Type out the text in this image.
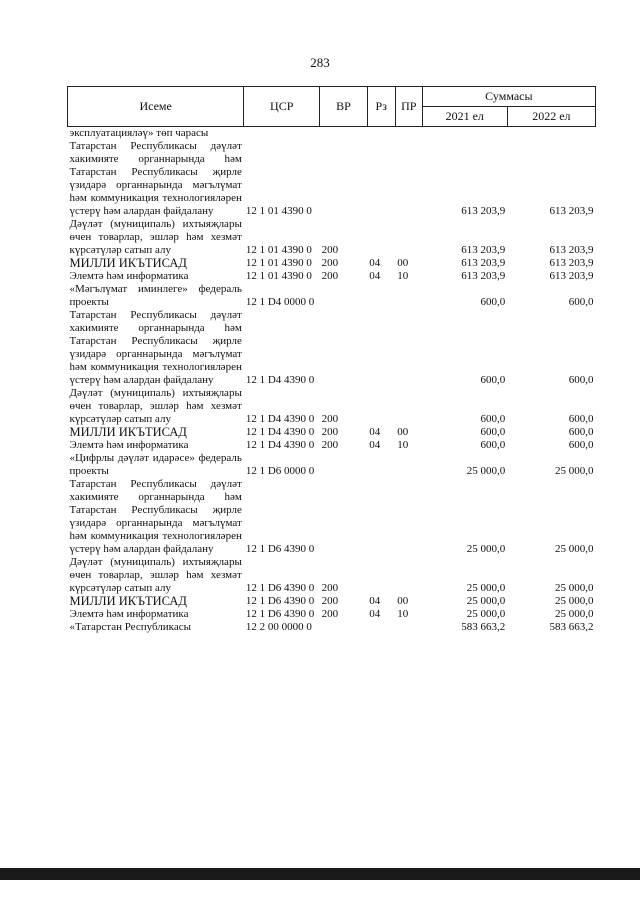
283
Исеме	ЦСР	ВР	Рз	ПР	Суммасы	
					2021 ел	2022 ел
эксплуатацияләү» төп чарасы						
Татарстан Республикасы дәүләт хакимияте органнарында һәм Татарстан Республикасы җирле үзидарә органнарында мәгълүмат һәм коммуникация технологияләрен үстерү һәм алардан файдалану	12 1 01 4390 0				613 203,9	613 203,9
Дәүләт (муниципаль) ихтыяҗлары өчен товарлар, эшләр һәм хезмәт күрсәтүләр сатып алу	12 1 01 4390 0	200			613 203,9	613 203,9
МИЛЛИ ИКЪТИСАД	12 1 01 4390 0	200	04	00	613 203,9	613 203,9
Элемтә һәм информатика	12 1 01 4390 0	200	04	10	613 203,9	613 203,9
«Мәгълүмат иминлеге» федераль проекты	12 1 D4 0000 0				600,0	600,0
Татарстан Республикасы дәүләт хакимияте органнарында һәм Татарстан Республикасы җирле үзидарә органнарында мәгълүмат һәм коммуникация технологияләрен үстерү һәм алардан файдалану	12 1 D4 4390 0				600,0	600,0
Дәүләт (муниципаль) ихтыяҗлары өчен товарлар, эшләр һәм хезмәт күрсәтүләр сатып алу	12 1 D4 4390 0	200			600,0	600,0
МИЛЛИ ИКЪТИСАД	12 1 D4 4390 0	200	04	00	600,0	600,0
Элемтә һәм информатика	12 1 D4 4390 0	200	04	10	600,0	600,0
«Цифрлы дәүләт идарәсе» федераль проекты	12 1 D6 0000 0				25 000,0	25 000,0
Татарстан Республикасы дәүләт хакимияте органнарында һәм Татарстан Республикасы җирле үзидарә органнарында мәгълүмат һәм коммуникация технологияләрен үстерү һәм алардан файдалану	12 1 D6 4390 0				25 000,0	25 000,0
Дәүләт (муниципаль) ихтыяҗлары өчен товарлар, эшләр һәм хезмәт күрсәтүләр сатып алу	12 1 D6 4390 0	200			25 000,0	25 000,0
МИЛЛИ ИКЪТИСАД	12 1 D6 4390 0	200	04	00	25 000,0	25 000,0
Элемтә һәм информатика	12 1 D6 4390 0	200	04	10	25 000,0	25 000,0
«Татарстан Республикасы	12 2 00 0000 0				583 663,2	583 663,2
